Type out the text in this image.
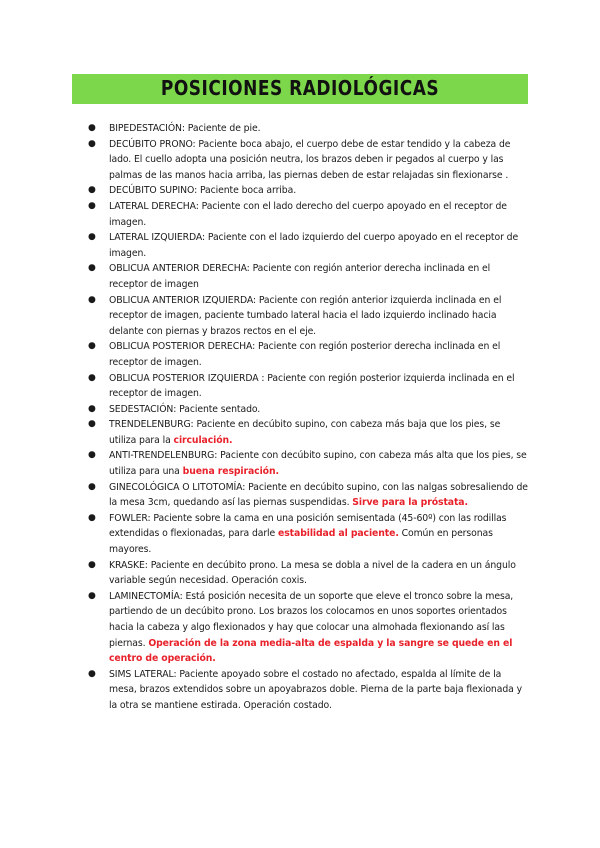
POSICIONES RADIOLÓGICAS
● BIPEDESTACIÓN: Paciente de pie.
● DECÚBITO PRONO: Paciente boca abajo, el cuerpo debe de estar tendido y la cabeza de lado. El cuello adopta una posición neutra, los brazos deben ir pegados al cuerpo y las palmas de las manos hacia arriba, las piernas deben de estar relajadas sin flexionarse .
● DECÚBITO SUPINO: Paciente boca arriba.
● LATERAL DERECHA: Paciente con el lado derecho del cuerpo apoyado en el receptor de imagen.
● LATERAL IZQUIERDA: Paciente con el lado izquierdo del cuerpo apoyado en el receptor de imagen.
● OBLICUA ANTERIOR DERECHA: Paciente con región anterior derecha inclinada en el receptor de imagen
● OBLICUA ANTERIOR IZQUIERDA: Paciente con región anterior izquierda inclinada en el receptor de imagen, paciente tumbado lateral hacia el lado izquierdo inclinado hacia delante con piernas y brazos rectos en el eje.
● OBLICUA POSTERIOR DERECHA: Paciente con región posterior derecha inclinada en el receptor de imagen.
● OBLICUA POSTERIOR IZQUIERDA : Paciente con región posterior izquierda inclinada en el receptor de imagen.
● SEDESTACIÓN: Paciente sentado.
● TRENDELENBURG: Paciente en decúbito supino, con cabeza más baja que los pies, se utiliza para la circulación.
● ANTI-TRENDELENBURG: Paciente con decúbito supino, con cabeza más alta que los pies, se utiliza para una buena respiración.
● GINECOLÓGICA O LITOTOMÍA: Paciente en decúbito supino, con las nalgas sobresaliendo de la mesa 3cm, quedando así las piernas suspendidas. Sirve para la próstata.
● FOWLER: Paciente sobre la cama en una posición semisentada (45-60º) con las rodillas extendidas o flexionadas, para darle estabilidad al paciente. Común en personas mayores.
● KRASKE: Paciente en decúbito prono. La mesa se dobla a nivel de la cadera en un ángulo variable según necesidad. Operación coxis.
● LAMINECTOMÍA: Está posición necesita de un soporte que eleve el tronco sobre la mesa, partiendo de un decúbito prono. Los brazos los colocamos en unos soportes orientados hacia la cabeza y algo flexionados y hay que colocar una almohada flexionando así las piernas. Operación de la zona media-alta de espalda y la sangre se quede en el centro de operación.
● SIMS LATERAL: Paciente apoyado sobre el costado no afectado, espalda al límite de la mesa, brazos extendidos sobre un apoyabrazos doble. Pierna de la parte baja flexionada y la otra se mantiene estirada. Operación costado.
